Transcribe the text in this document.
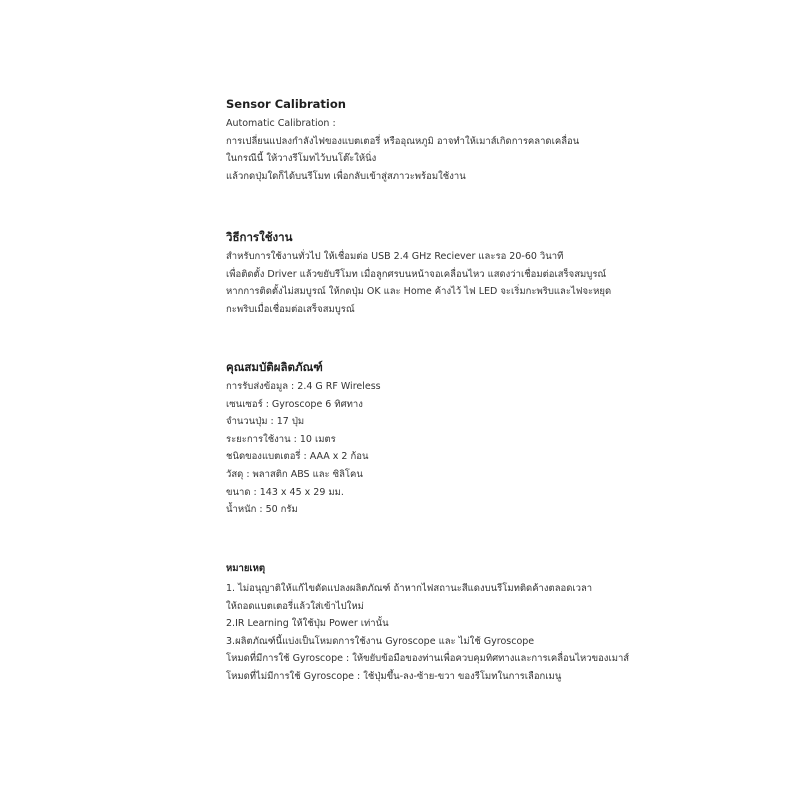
Sensor Calibration
Automatic Calibration :
การเปลี่ยนแปลงกำลังไฟของแบตเตอรี่ หรืออุณหภูมิ อาจทำให้เมาส์เกิดการคลาดเคลื่อน
ในกรณีนี้ ให้วางรีโมทไว้บนโต๊ะให้นิ่ง
แล้วกดปุ่มใดก็ได้บนรีโมท เพื่อกลับเข้าสู่สภาวะพร้อมใช้งาน
วิธีการใช้งาน
สำหรับการใช้งานทั่วไป ให้เชื่อมต่อ USB 2.4 GHz Reciever และรอ 20-60 วินาที
เพื่อติดตั้ง Driver แล้วขยับรีโมท เมื่อลูกศรบนหน้าจอเคลื่อนไหว แสดงว่าเชื่อมต่อเสร็จสมบูรณ์
หากการติดตั้งไม่สมบูรณ์ ให้กดปุ่ม OK และ Home ค้างไว้ ไฟ LED จะเริ่มกะพริบและไฟจะหยุด
กะพริบเมื่อเชื่อมต่อเสร็จสมบูรณ์
คุณสมบัติผลิตภัณฑ์
การรับส่งข้อมูล : 2.4 G RF Wireless
เซนเซอร์ : Gyroscope 6 ทิศทาง
จำนวนปุ่ม : 17 ปุ่ม
ระยะการใช้งาน : 10 เมตร
ชนิดของแบตเตอรี่ : AAA x 2 ก้อน
วัสดุ : พลาสติก ABS และ ซิลิโคน
ขนาด : 143 x 45 x 29 มม.
น้ำหนัก : 50 กรัม
หมายเหตุ
1. ไม่อนุญาติให้แก้ไขดัดแปลงผลิตภัณฑ์ ถ้าหากไฟสถานะสีแดงบนรีโมทติดค้างตลอดเวลา
ให้ถอดแบตเตอรี่แล้วใส่เข้าไปใหม่
2.IR Learning ให้ใช้ปุ่ม Power เท่านั้น
3.ผลิตภัณฑ์นี้แบ่งเป็นโหมดการใช้งาน Gyroscope และ ไม่ใช้ Gyroscope
โหมดที่มีการใช้ Gyroscope : ให้ขยับข้อมือของท่านเพื่อควบคุมทิศทางและการเคลื่อนไหวของเมาส์
โหมดที่ไม่มีการใช้ Gyroscope : ใช้ปุ่มขึ้น-ลง-ซ้าย-ขวา ของรีโมทในการเลือกเมนู
